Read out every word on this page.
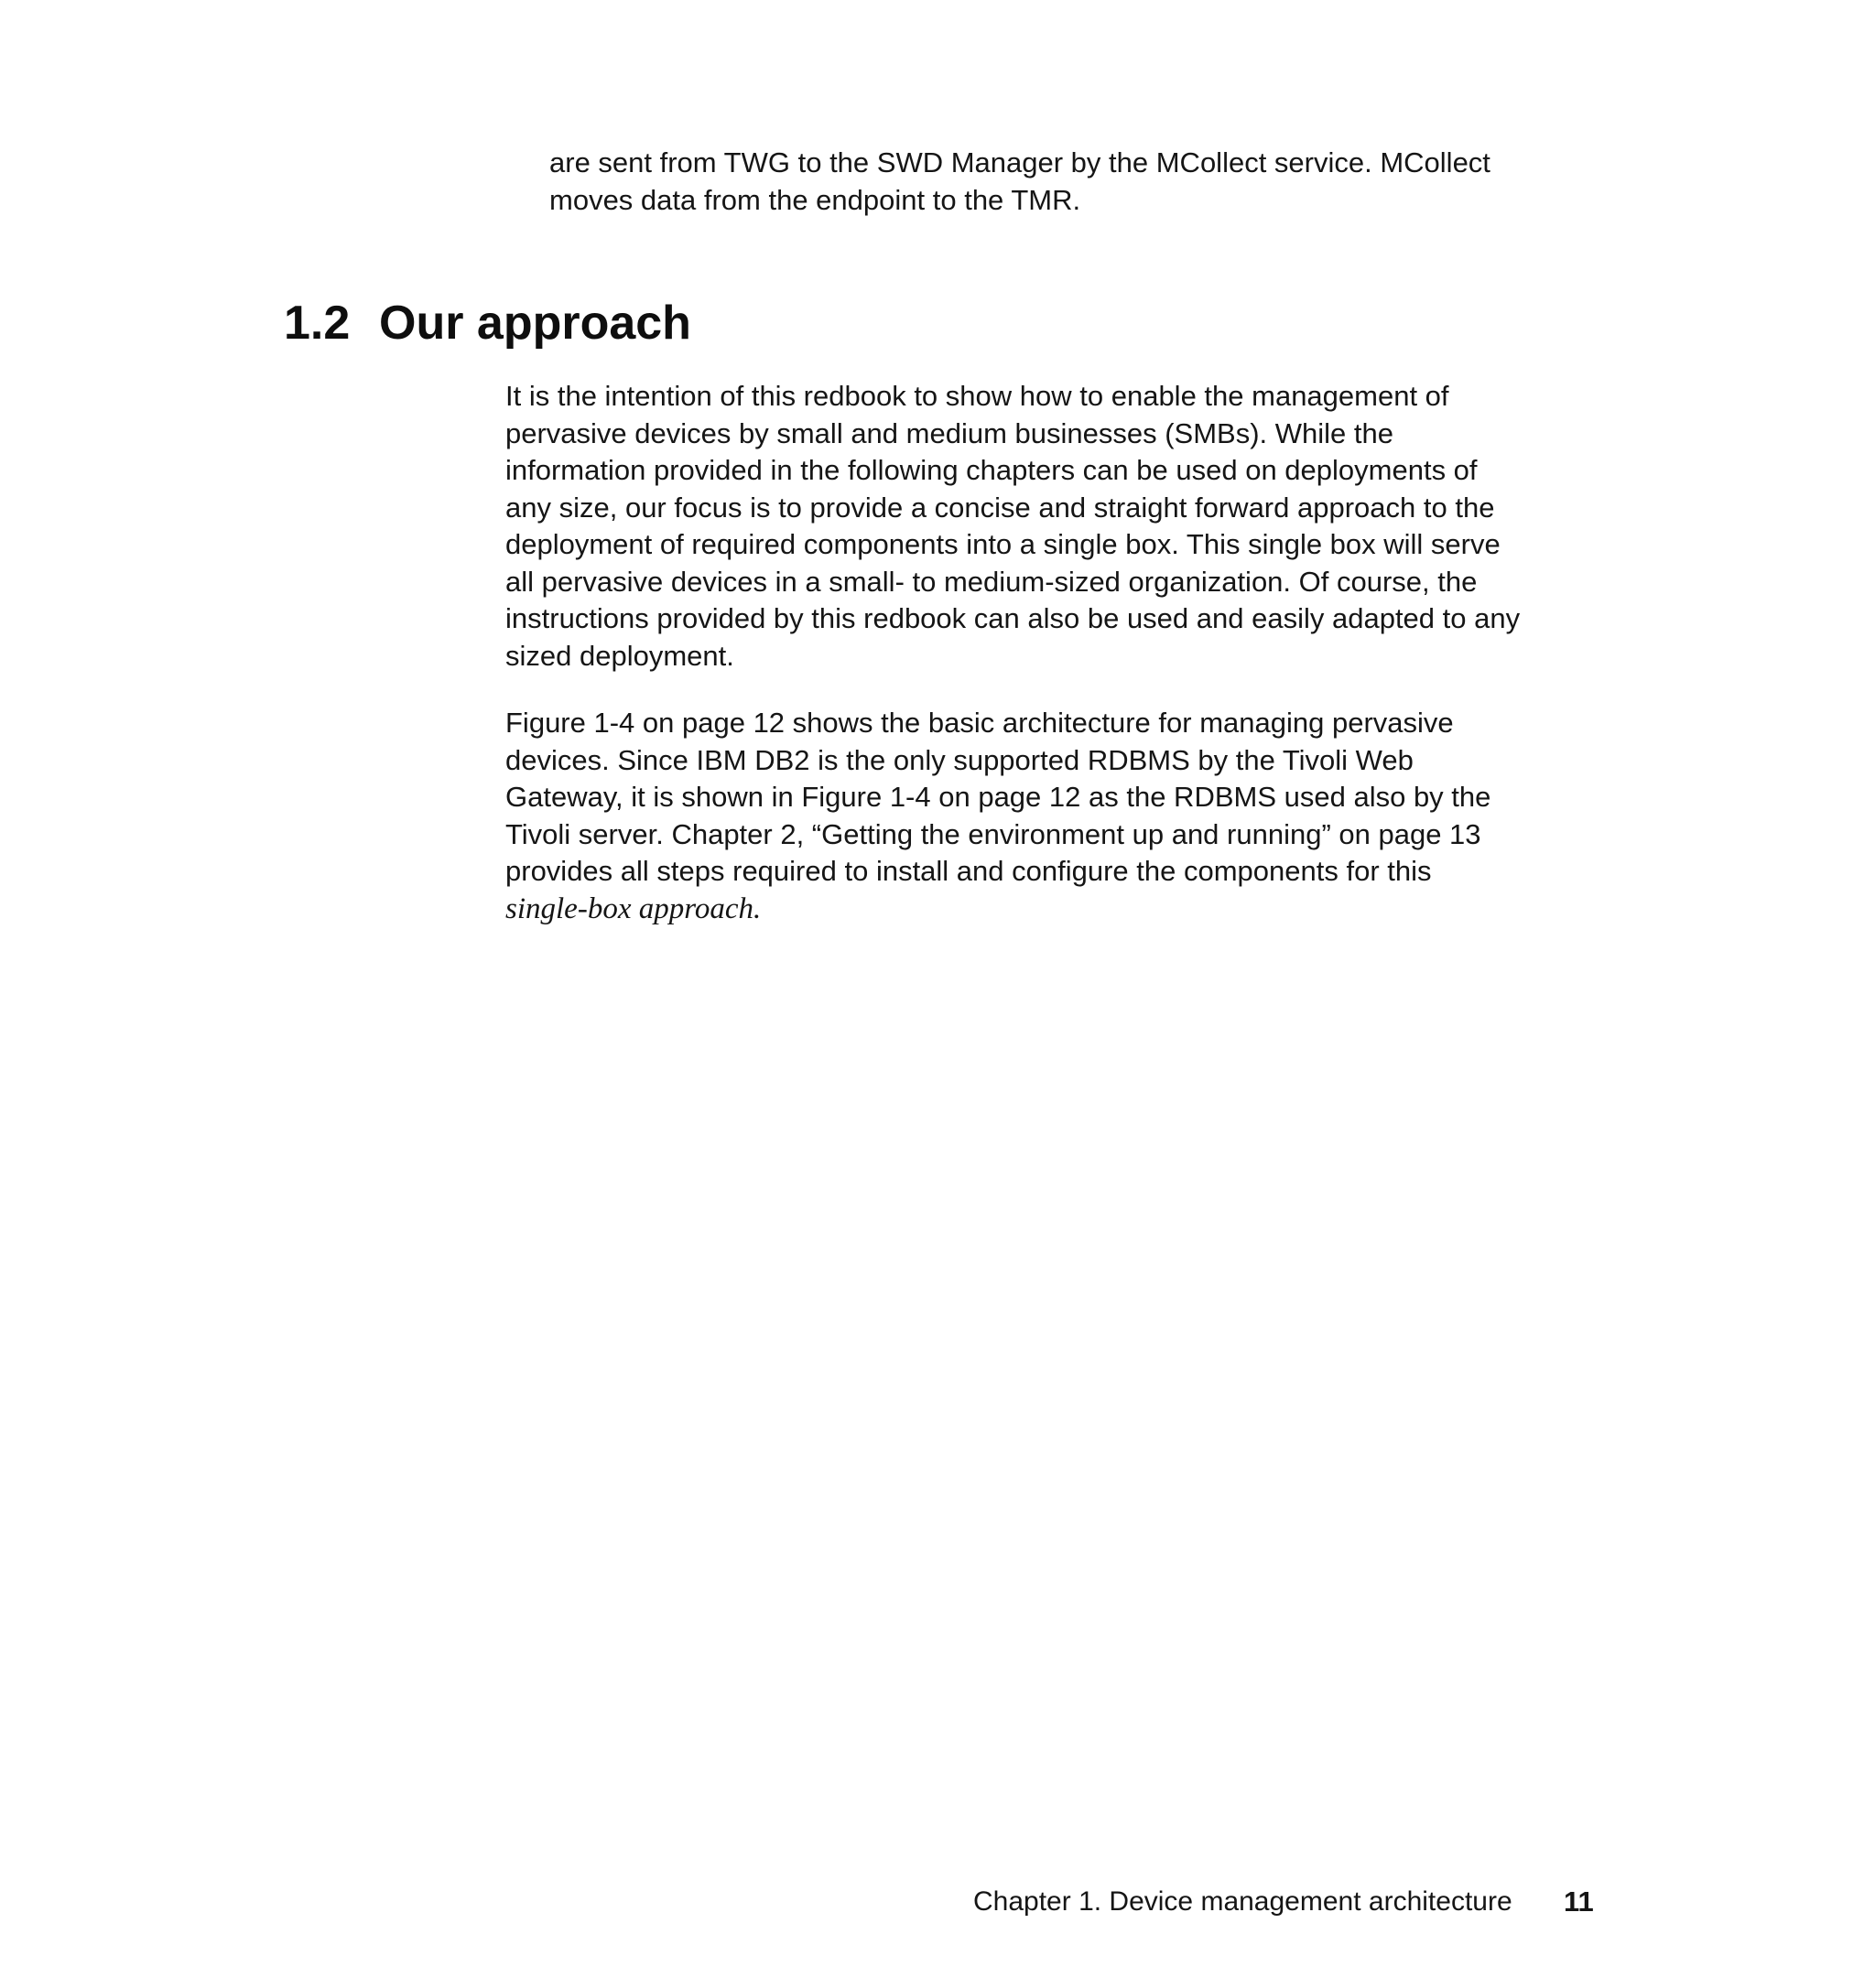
are sent from TWG to the SWD Manager by the MCollect service. MCollect
moves data from the endpoint to the TMR.
1.2 Our approach
It is the intention of this redbook to show how to enable the management of
pervasive devices by small and medium businesses (SMBs). While the
information provided in the following chapters can be used on deployments of
any size, our focus is to provide a concise and straight forward approach to the
deployment of required components into a single box. This single box will serve
all pervasive devices in a small- to medium-sized organization. Of course, the
instructions provided by this redbook can also be used and easily adapted to any
sized deployment.
Figure 1-4 on page 12 shows the basic architecture for managing pervasive
devices. Since IBM DB2 is the only supported RDBMS by the Tivoli Web
Gateway, it is shown in Figure 1-4 on page 12 as the RDBMS used also by the
Tivoli server. Chapter 2, “Getting the environment up and running” on page 13
provides all steps required to install and configure the components for this
single-box approach.
Chapter 1. Device management architecture 11
